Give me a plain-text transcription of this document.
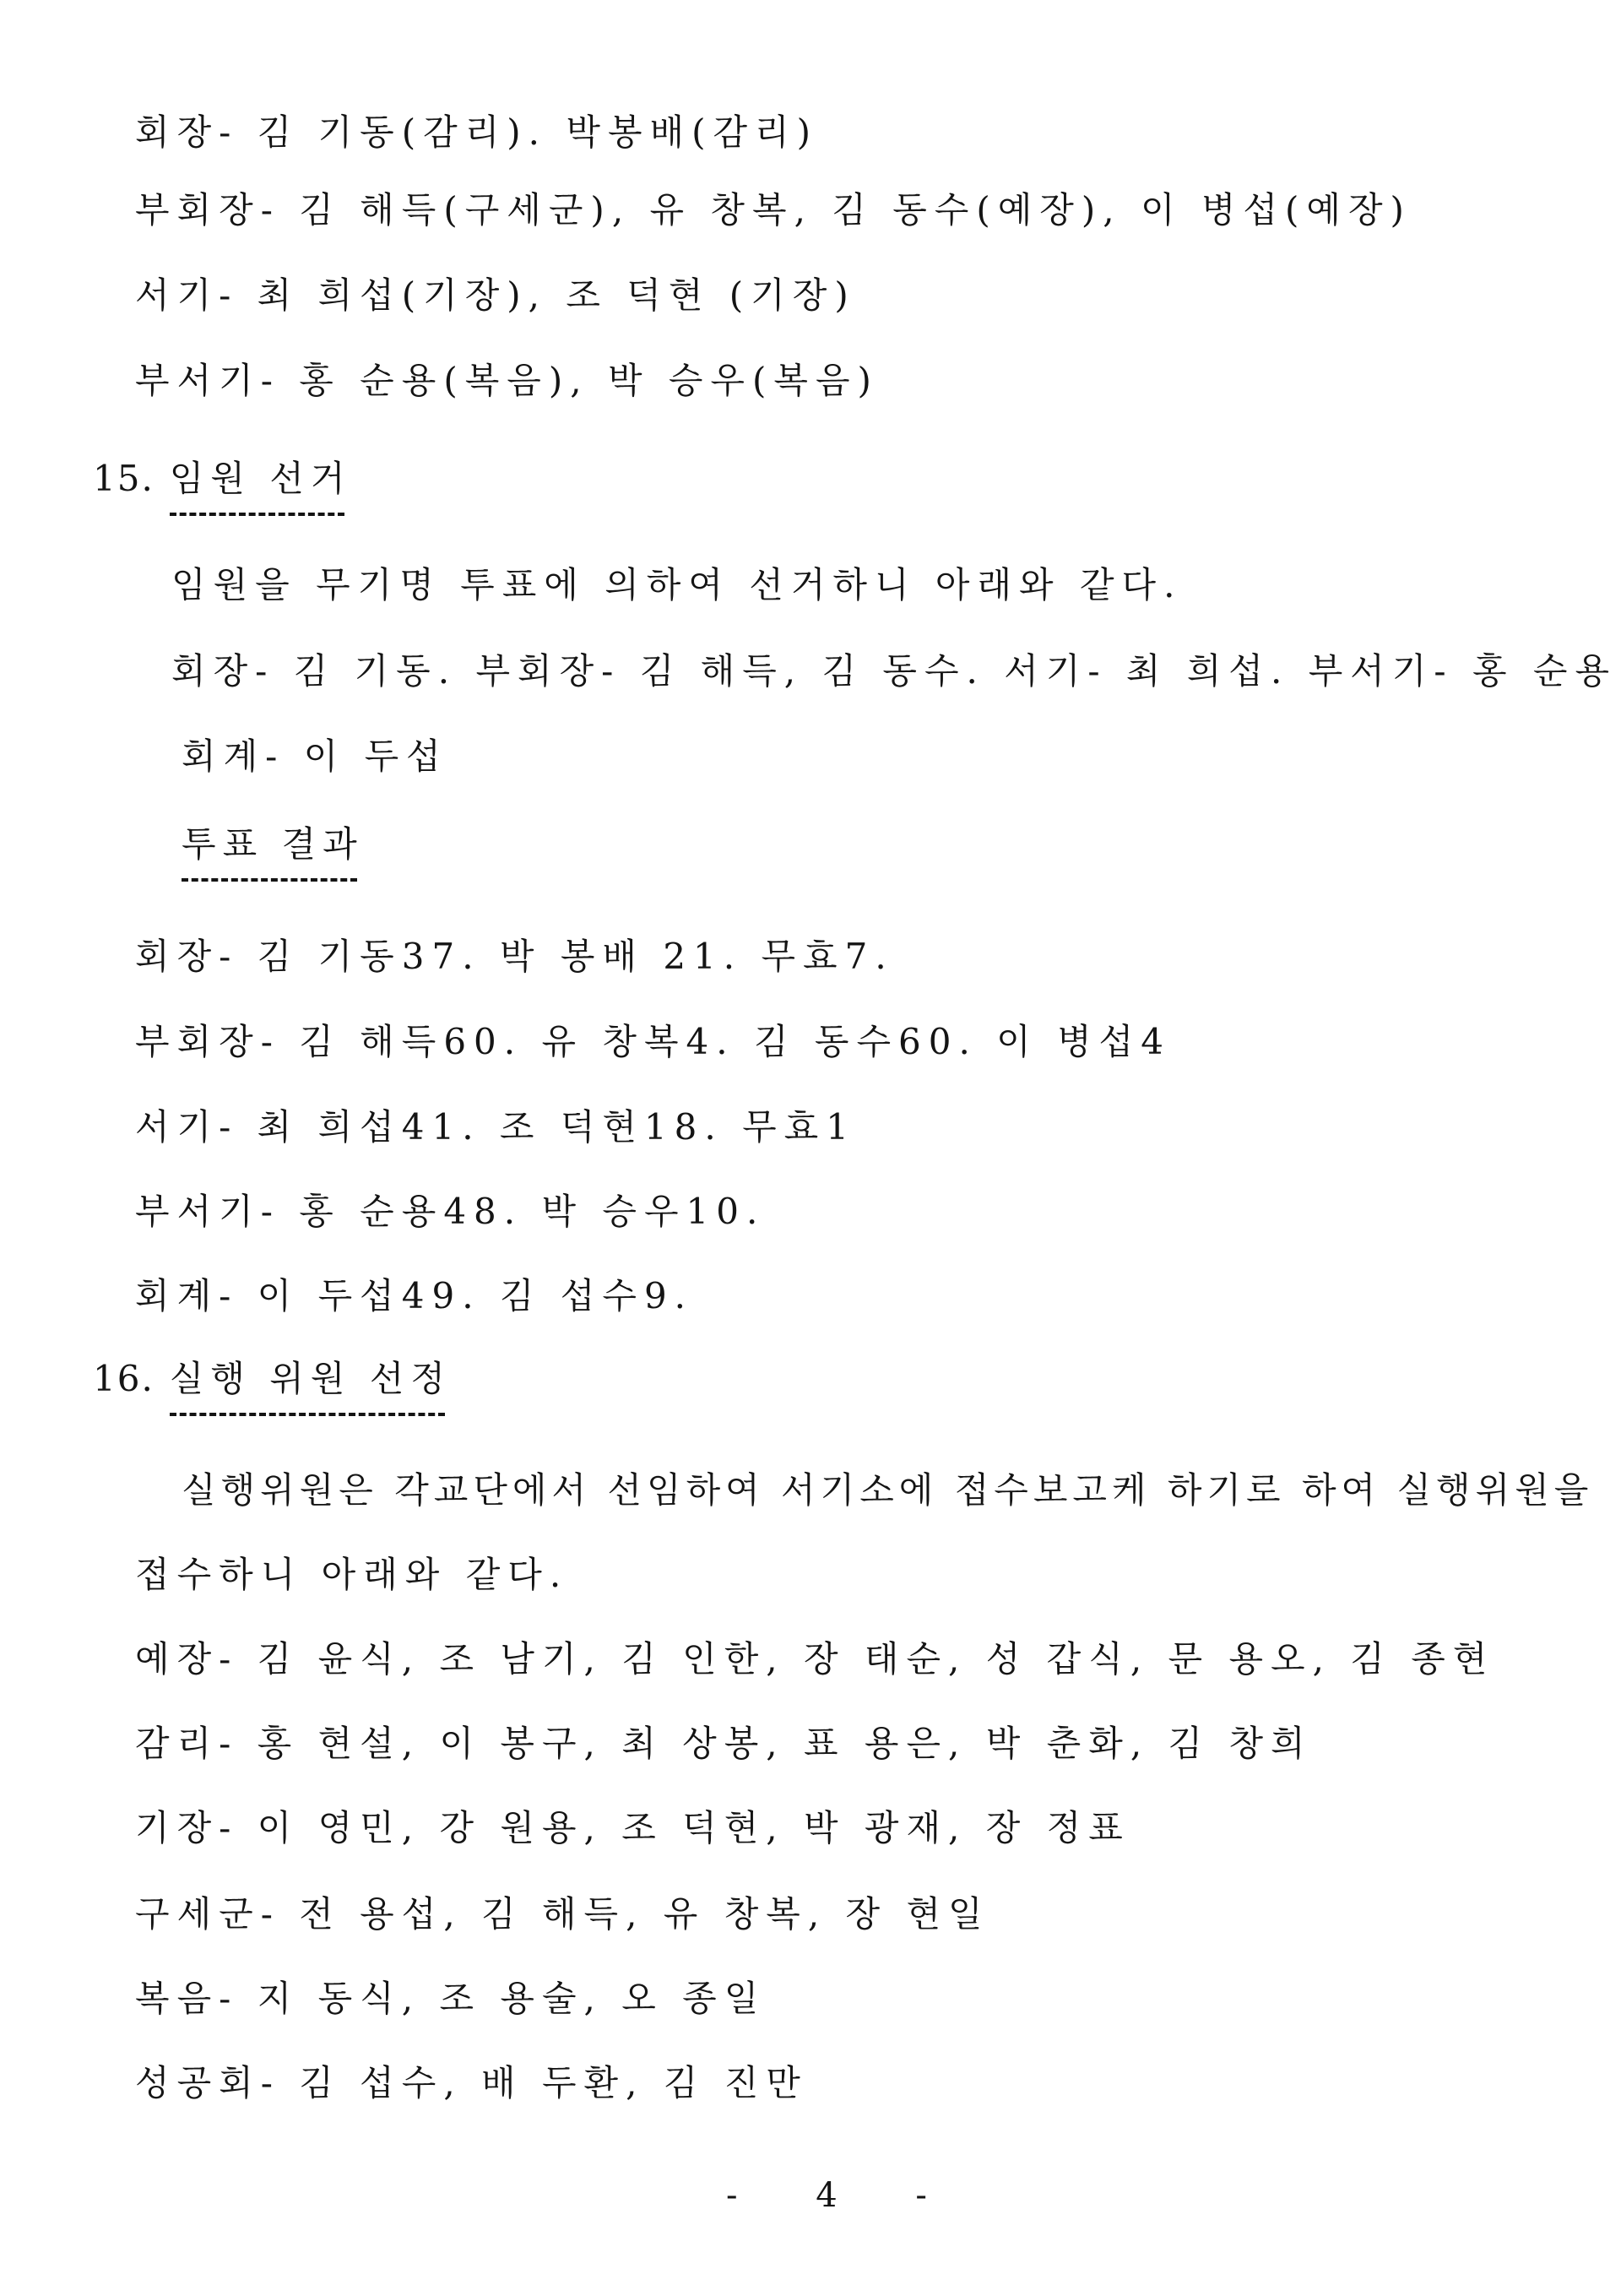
회장- 김 기동(감리). 박봉배(감리)
부회장- 김 해득(구세군), 유 창복, 김 동수(예장), 이 병섭(예장)
서기- 최 희섭(기장), 조 덕현 (기장)
부서기- 홍 순용(복음), 박 승우(복음)
15. 임원 선거
임원을 무기명 투표에 의하여 선거하니 아래와 같다.
회장- 김 기동. 부회장- 김 해득, 김 동수. 서기- 최 희섭. 부서기- 홍 순용
회계- 이 두섭
투표 결과
회장- 김 기동37. 박 봉배 21. 무효7.
부회장- 김 해득60. 유 창복4. 김 동수60. 이 병섭4
서기- 최 희섭41. 조 덕현18. 무효1
부서기- 홍 순용48. 박 승우10.
회계- 이 두섭49. 김 섭수9.
16. 실행 위원 선정
실행위원은 각교단에서 선임하여 서기소에 접수보고케 하기로 하여 실행위원을
접수하니 아래와 같다.
예장- 김 윤식, 조 남기, 김 인한, 장 태순, 성 갑식, 문 용오, 김 종현
감리- 홍 현설, 이 봉구, 최 상봉, 표 용은, 박 춘화, 김 창희
기장- 이 영민, 강 원용, 조 덕현, 박 광재, 장 정표
구세군- 전 용섭, 김 해득, 유 창복, 장 현일
복음- 지 동식, 조 용술, 오 종일
성공회- 김 섭수, 배 두환, 김 진만
- 4 -
